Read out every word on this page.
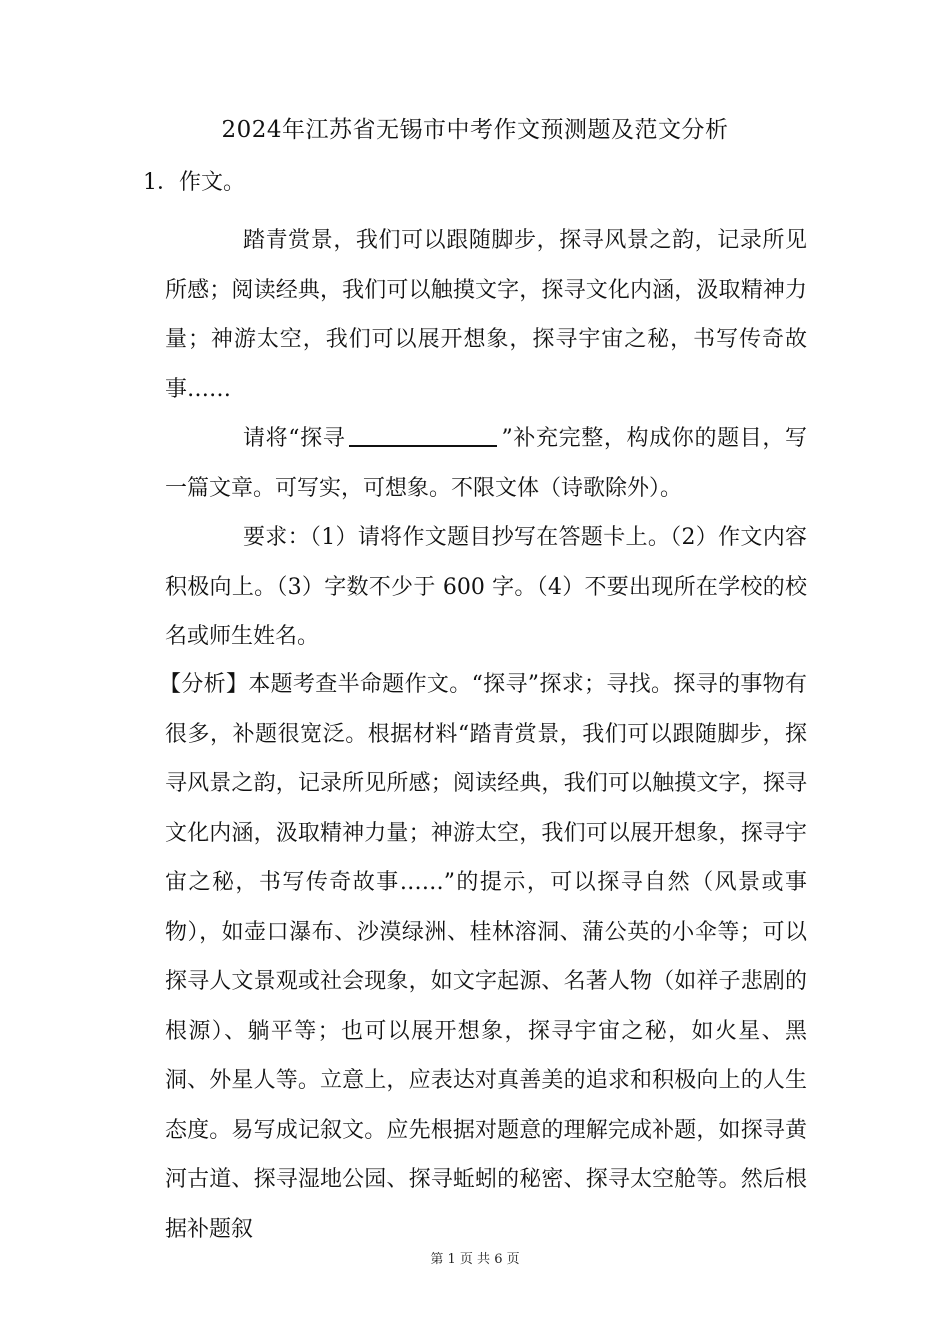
2024年江苏省无锡市中考作文预测题及范文分析
1．作文。

踏青赏景，我们可以跟随脚步，探寻风景之韵，记录所见所感；阅读经典，我们可以触摸文字，探寻文化内涵，汲取精神力量；神游太空，我们可以展开想象，探寻宇宙之秘，书写传奇故事……

请将“探寻	”补充完整，构成你的题目，写一篇文章。可写实，可想象。不限文体（诗歌除外）。

要求：（1）请将作文题目抄写在答题卡上。（2）作文内容积极向上。（3）字数不少于 600 字。（4）不要出现所在学校的校名或师生姓名。

【分析】本题考查半命题作文。“探寻”探求；寻找。探寻的事物有很多，补题很宽泛。根据材料“踏青赏景，我们可以跟随脚步，探寻风景之韵，记录所见所感；阅读经典，我们可以触摸文字，探寻文化内涵，汲取精神力量；神游太空，我们可以展开想象，探寻宇宙之秘，书写传奇故事……”的提示，可以探寻自然（风景或事物），如壶口瀑布、沙漠绿洲、桂林溶洞、蒲公英的小伞等；可以探寻人文景观或社会现象，如文字起源、名著人物（如祥子悲剧的根源）、躺平等；也可以展开想象，探寻宇宙之秘，如火星、黑洞、外星人等。立意上，应表达对真善美的追求和积极向上的人生态度。易写成记叙文。应先根据对题意的理解完成补题，如探寻黄河古道、探寻湿地公园、探寻蚯蚓的秘密、探寻太空舱等。然后根据补题叙

第 1 页 共 6 页
